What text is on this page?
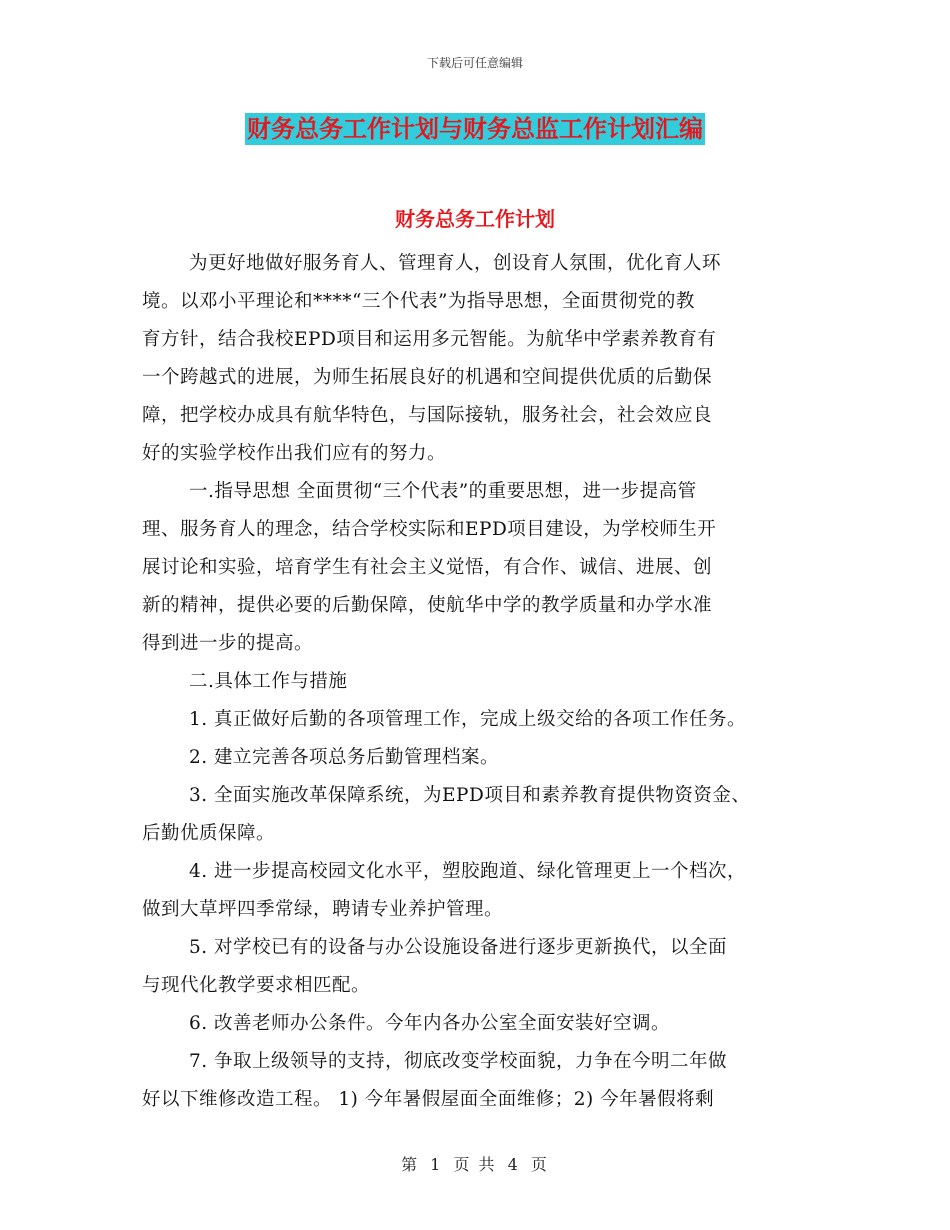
下载后可任意编辑
财务总务工作计划与财务总监工作计划汇编
财务总务工作计划
为更好地做好服务育人、管理育人，创设育人氛围，优化育人环
境。以邓小平理论和****“三个代表”为指导思想，全面贯彻党的教
育方针，结合我校EPD项目和运用多元智能。为航华中学素养教育有
一个跨越式的进展，为师生拓展良好的机遇和空间提供优质的后勤保
障，把学校办成具有航华特色，与国际接轨，服务社会，社会效应良
好的实验学校作出我们应有的努力。
一.指导思想 全面贯彻“三个代表”的重要思想，进一步提高管
理、服务育人的理念，结合学校实际和EPD项目建设，为学校师生开
展讨论和实验，培育学生有社会主义觉悟，有合作、诚信、进展、创
新的精神，提供必要的后勤保障，使航华中学的教学质量和办学水准
得到进一步的提高。
二.具体工作与措施
1. 真正做好后勤的各项管理工作，完成上级交给的各项工作任务。
2. 建立完善各项总务后勤管理档案。
3. 全面实施改革保障系统，为EPD项目和素养教育提供物资资金、
后勤优质保障。
4. 进一步提高校园文化水平，塑胶跑道、绿化管理更上一个档次，
做到大草坪四季常绿，聘请专业养护管理。
5. 对学校已有的设备与办公设施设备进行逐步更新换代，以全面
与现代化教学要求相匹配。
6. 改善老师办公条件。今年内各办公室全面安装好空调。
7. 争取上级领导的支持，彻底改变学校面貌，力争在今明二年做
好以下维修改造工程。 1) 今年暑假屋面全面维修；2) 今年暑假将剩
第 1 页 共 4 页
